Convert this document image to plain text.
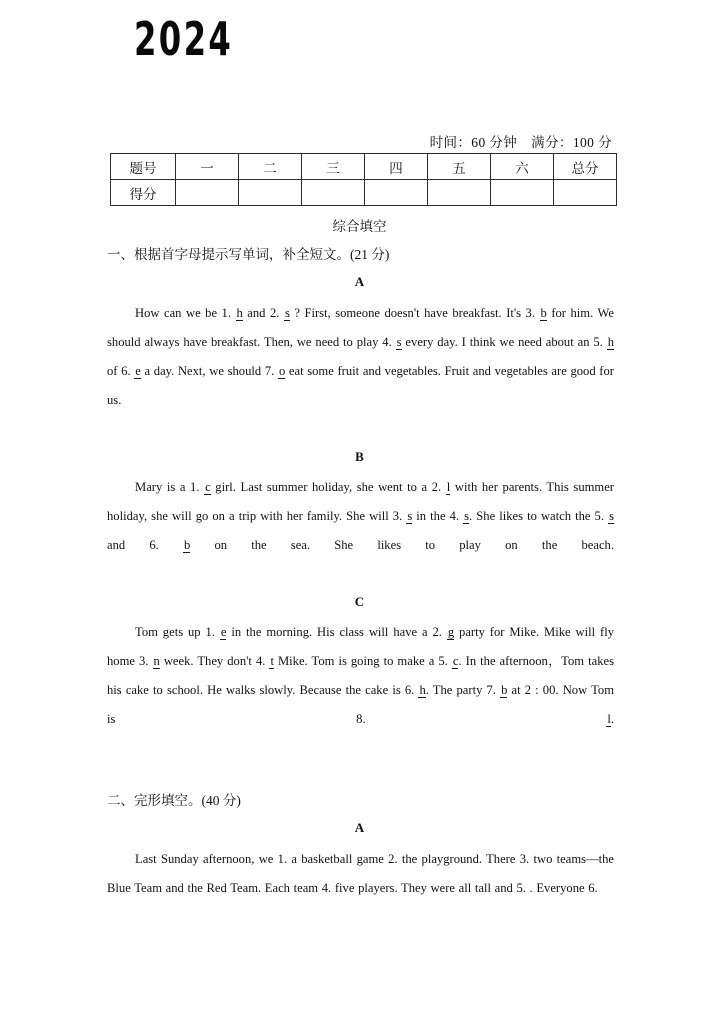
2024
时间：60 分钟 满分：100 分
题号	一	二	三	四	五	六	总分
得分							
综合填空
一、根据首字母提示写单词，补全短文。(21 分)
A
How can we be 1. h and 2. s ? First, someone doesn't have breakfast. It's 3. b for him. We should always have breakfast. Then, we need to play 4. s every day. I think we need about an 5. h of 6. e a day. Next, we should 7. o eat some fruit and vegetables. Fruit and vegetables are good for us.
B
Mary is a 1. c girl. Last summer holiday, she went to a 2. l with her parents. This summer holiday, she will go on a trip with her family. She will 3. s in the 4. s. She likes to watch the 5. s and 6. b on the sea. She likes to play on the beach.
C
Tom gets up 1. e in the morning. His class will have a 2. g party for Mike. Mike will fly home 3. n week. They don't 4. t Mike. Tom is going to make a 5. c. In the afternoon，Tom takes his cake to school. He walks slowly. Because the cake is 6. h. The party 7. b at 2 : 00. Now Tom is 8. l.
二、完形填空。(40 分)
A
Last Sunday afternoon, we 1. a basketball game 2. the playground. There 3. two teams—the Blue Team and the Red Team. Each team 4. five players. They were all tall and 5. . Everyone 6.
